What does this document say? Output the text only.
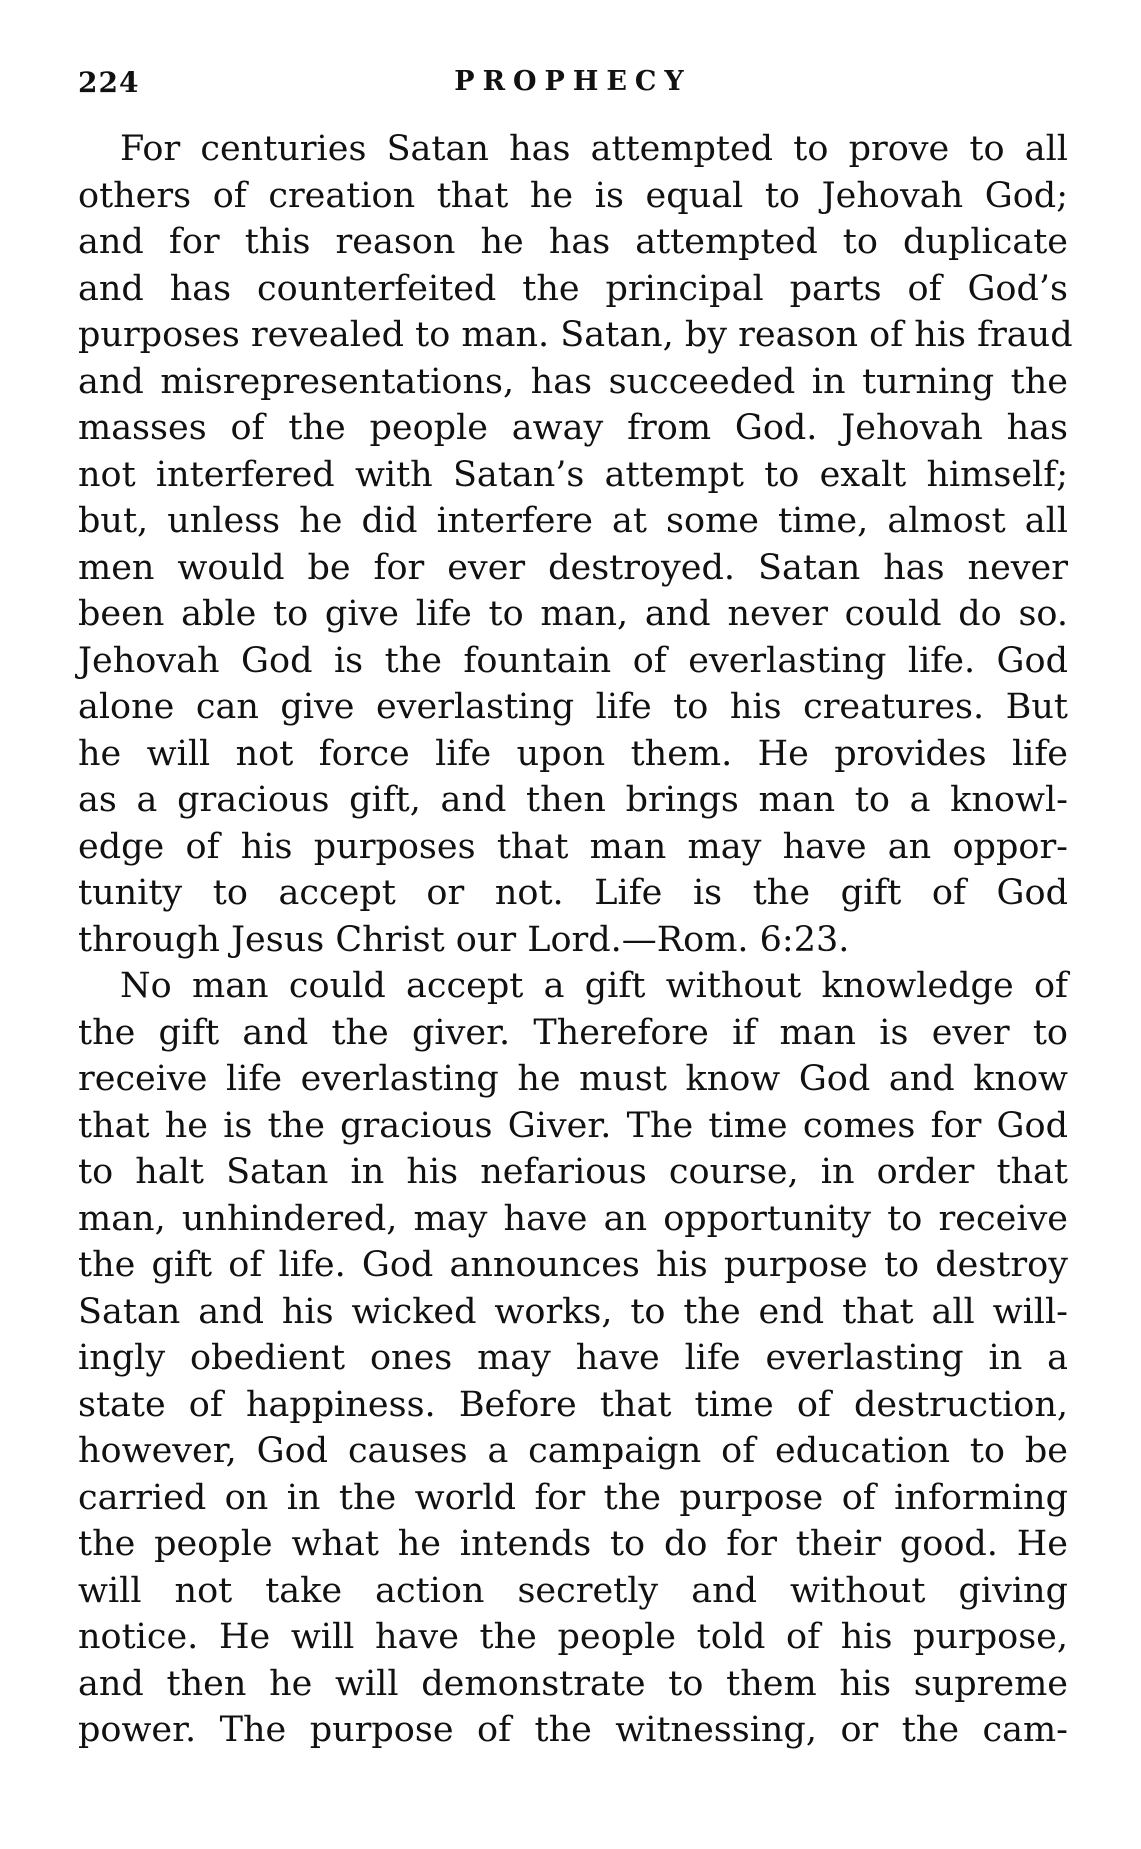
224	PROPHECY
For centuries Satan has attempted to prove to all
others of creation that he is equal to Jehovah God;
and for this reason he has attempted to duplicate
and has counterfeited the principal parts of God’s
purposes revealed to man. Satan, by reason of his fraud
and misrepresentations, has succeeded in turning the
masses of the people away from God. Jehovah has
not interfered with Satan’s attempt to exalt himself;
but, unless he did interfere at some time, almost all
men would be for ever destroyed. Satan has never
been able to give life to man, and never could do so.
Jehovah God is the fountain of everlasting life. God
alone can give everlasting life to his creatures. But
he will not force life upon them. He provides life
as a gracious gift, and then brings man to a knowl-
edge of his purposes that man may have an oppor-
tunity to accept or not. Life is the gift of God
through Jesus Christ our Lord.—Rom. 6:23.
No man could accept a gift without knowledge of
the gift and the giver. Therefore if man is ever to
receive life everlasting he must know God and know
that he is the gracious Giver. The time comes for God
to halt Satan in his nefarious course, in order that
man, unhindered, may have an opportunity to receive
the gift of life. God announces his purpose to destroy
Satan and his wicked works, to the end that all will-
ingly obedient ones may have life everlasting in a
state of happiness. Before that time of destruction,
however, God causes a campaign of education to be
carried on in the world for the purpose of informing
the people what he intends to do for their good. He
will not take action secretly and without giving
notice. He will have the people told of his purpose,
and then he will demonstrate to them his supreme
power. The purpose of the witnessing, or the cam-
